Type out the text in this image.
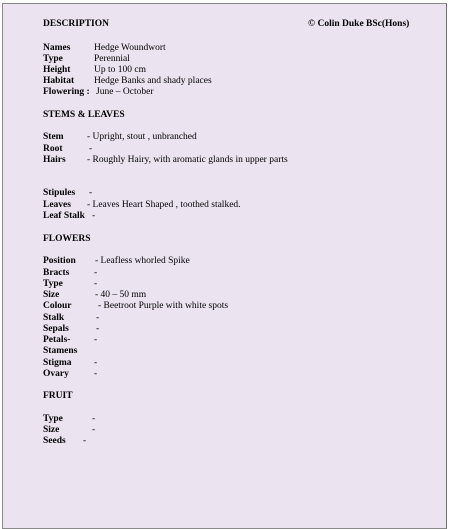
DESCRIPTION	© Colin Duke BSc(Hons)
Names Hedge Woundwort
Type	Perennial
Height Up to 100 cm
Habitat Hedge Banks and shady places
Flowering : June – October
STEMS & LEAVES
Stem - Upright, stout , unbranched
Root	-
Hairs - Roughly Hairy, with aromatic glands in upper parts
Stipules -
Leaves - Leaves Heart Shaped , toothed stalked.
Leaf Stalk -
FLOWERS
Position - Leafless whorled Spike
Bracts	-
Type	-
Size	- 40 – 50 mm
Colour	- Beetroot Purple with white spots
Stalk	-
Sepals	-
Petals- -
Stamens
Stigma -
Ovary	-
FRUIT
Type	-
Size	-
Seeds -
